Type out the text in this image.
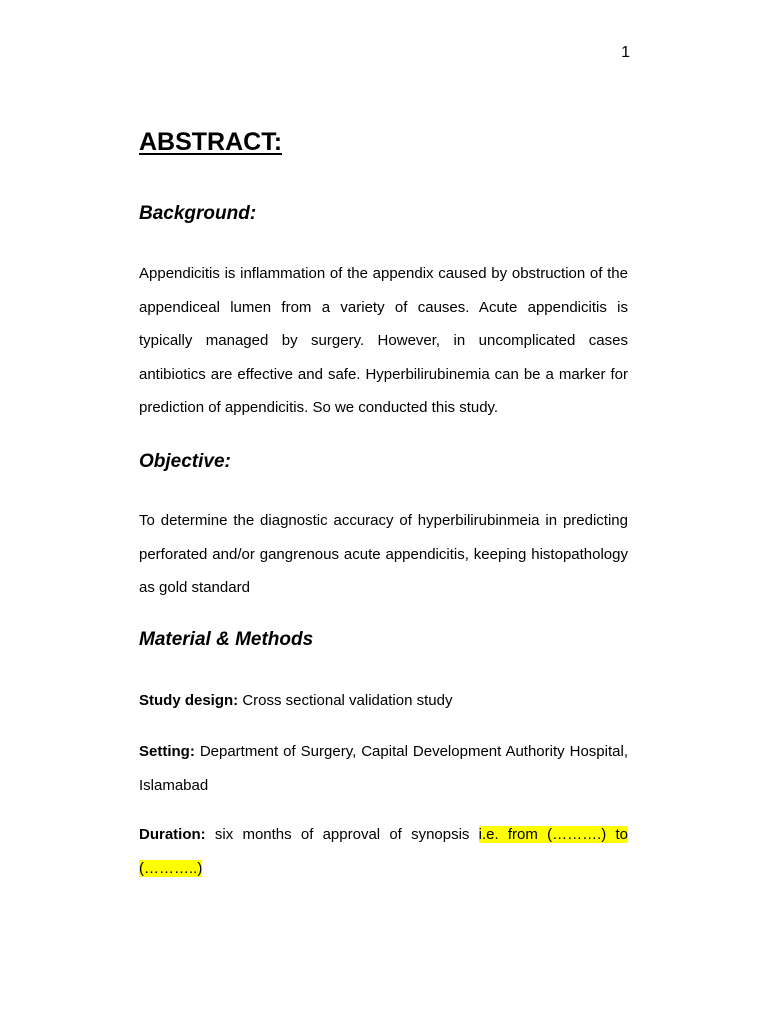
1
ABSTRACT:
Background:

Appendicitis is inflammation of the appendix caused by obstruction of the appendiceal lumen from a variety of causes. Acute appendicitis is typically managed by surgery. However, in uncomplicated cases antibiotics are effective and safe. Hyperbilirubinemia can be a marker for prediction of appendicitis. So we conducted this study.

Objective:

To determine the diagnostic accuracy of hyperbilirubinmeia in predicting perforated and/or gangrenous acute appendicitis, keeping histopathology as gold standard

Material & Methods

Study design: Cross sectional validation study

Setting: Department of Surgery, Capital Development Authority Hospital, Islamabad

Duration: six months of approval of synopsis i.e. from (……….) to (………..)
